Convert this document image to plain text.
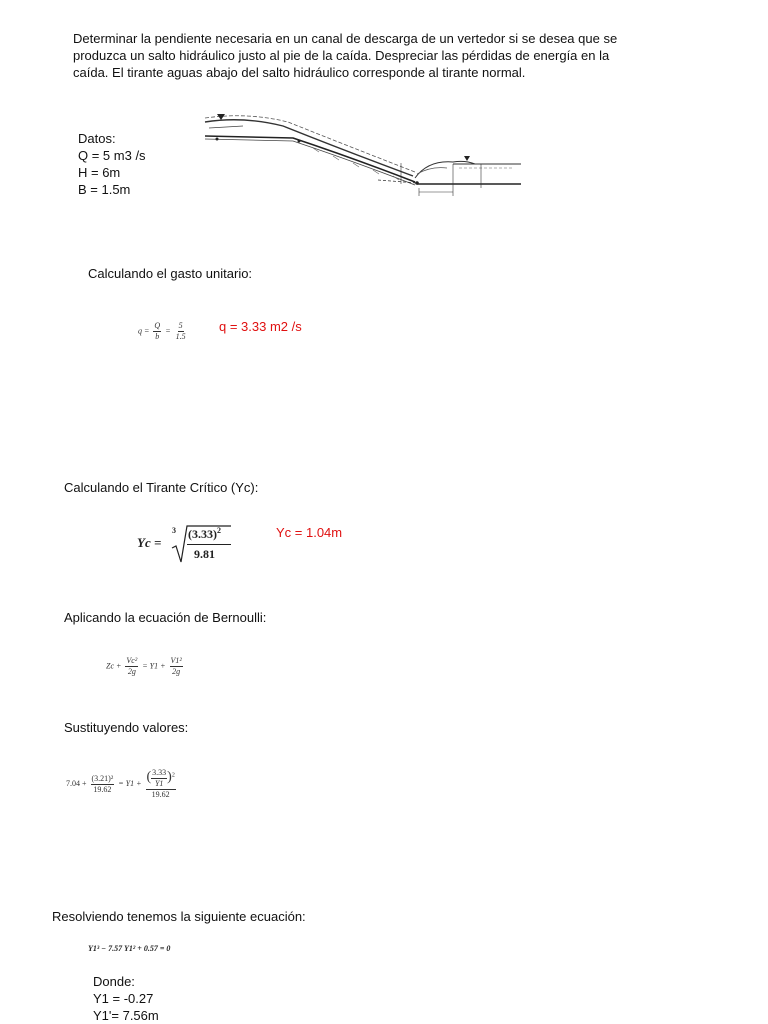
Determinar la pendiente necesaria en un canal de descarga de un vertedor si se desea que se
produzca un salto hidráulico justo al pie de la caída. Despreciar las pérdidas de energía en la
caída. El tirante aguas abajo del salto hidráulico corresponde al tirante normal.
Datos:
Q = 5 m3 /s
H = 6m
B = 1.5m
Calculando el gasto unitario:
$q = \frac{Q}{b} = \frac{5}{1.5}$ q = 3.33 m2 /s
Calculando el Tirante Crítico (Yc):
Yc =
3 $(3.33)^2$
9.81
Yc = 1.04m
Aplicando la ecuación de Bernoulli:
$Zc + \frac{\text{Vc²}}{2g} = Y1 + \frac{\text{V1²}}{2g}$
Sustituyendo valores:
$7.04 + \frac{\text{(3.21)²}}{19.62} = Y1 + \frac{( \frac{3.33}{Y1} )^2}{19.62}$
Resolviendo tenemos la siguiente ecuación:
Y1³ − 7.57 Y1² + 0.57 = 0
Donde:
Y1 = -0.27
Y1'= 7.56m
